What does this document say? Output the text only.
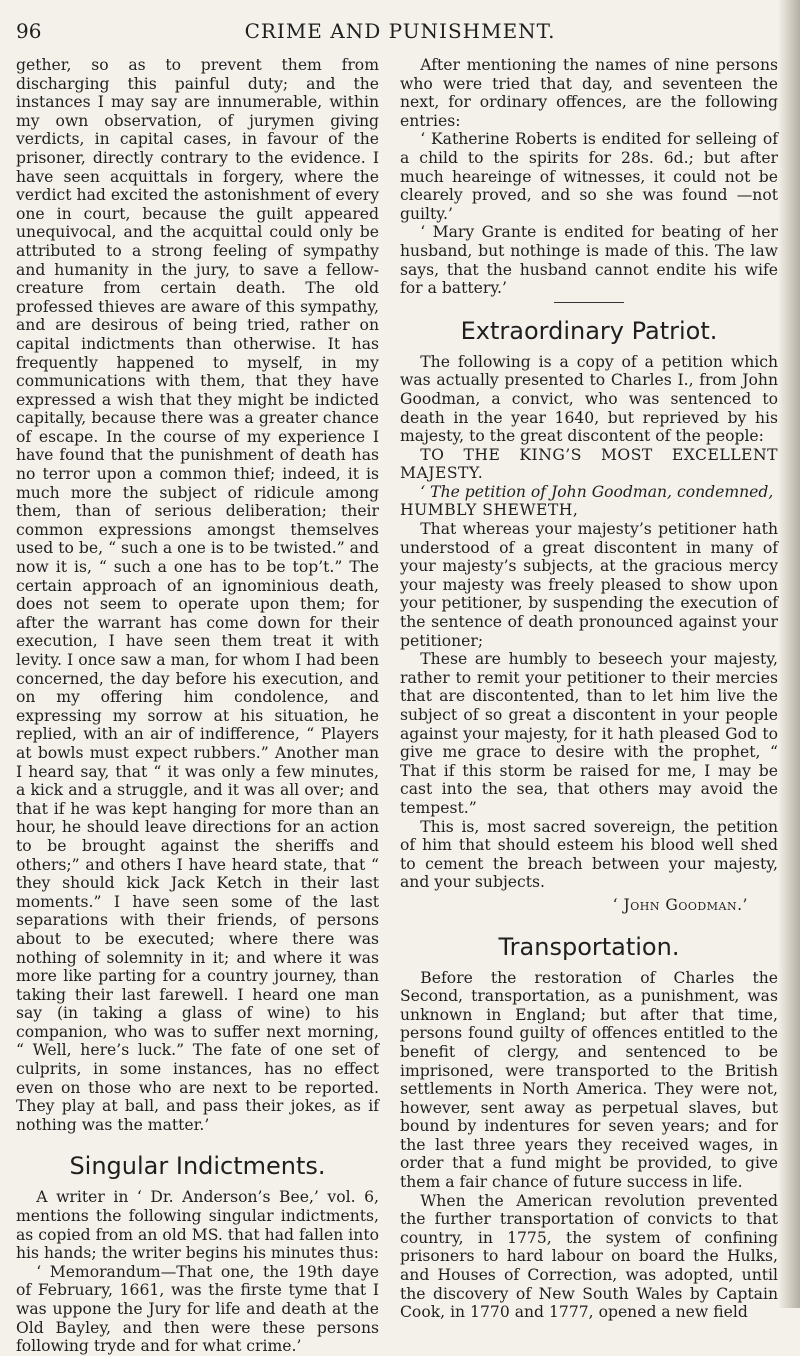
96	CRIME AND PUNISHMENT.

gether, so as to prevent them from discharging this painful duty; and the instances I may say are innumerable, within my own observation, of jurymen giving verdicts, in capital cases, in favour of the prisoner, directly contrary to the evidence. I have seen acquittals in forgery, where the verdict had excited the astonishment of every one in court, because the guilt appeared unequivocal, and the acquittal could only be attributed to a strong feeling of sympathy and humanity in the jury, to save a fellow-creature from certain death. The old professed thieves are aware of this sympathy, and are desirous of being tried, rather on capital indictments than otherwise. It has frequently happened to myself, in my communications with them, that they have expressed a wish that they might be indicted capitally, because there was a greater chance of escape. In the course of my experience I have found that the punishment of death has no terror upon a common thief; indeed, it is much more the subject of ridicule among them, than of serious deliberation; their common expressions amongst themselves used to be, “ such a one is to be twisted.” and now it is, “ such a one has to be top’t.” The certain approach of an ignominious death, does not seem to operate upon them; for after the warrant has come down for their execution, I have seen them treat it with levity. I once saw a man, for whom I had been concerned, the day before his execution, and on my offering him condolence, and expressing my sorrow at his situation, he replied, with an air of indifference, “ Players at bowls must expect rubbers.” Another man I heard say, that “ it was only a few minutes, a kick and a struggle, and it was all over; and that if he was kept hanging for more than an hour, he should leave directions for an action to be brought against the sheriffs and others;” and others I have heard state, that “ they should kick Jack Ketch in their last moments.” I have seen some of the last separations with their friends, of persons about to be executed; where there was nothing of solemnity in it; and where it was more like parting for a country journey, than taking their last farewell. I heard one man say (in taking a glass of wine) to his companion, who was to suffer next morning, “ Well, here’s luck.” The fate of one set of culprits, in some instances, has no effect even on those who are next to be reported. They play at ball, and pass their jokes, as if nothing was the matter.’

Singular Indictments.

A writer in ‘ Dr. Anderson’s Bee,’ vol. 6, mentions the following singular indictments, as copied from an old MS. that had fallen into his hands; the writer begins his minutes thus:

‘ Memorandum—That one, the 19th daye of February, 1661, was the firste tyme that I was uppone the Jury for life and death at the Old Bayley, and then were these persons following tryde and for what crime.’

After mentioning the names of nine persons who were tried that day, and seventeen the next, for ordinary offences, are the following entries:

‘ Katherine Roberts is endited for selleing of a child to the spirits for 28s. 6d.; but after much heareinge of witnesses, it could not be clearely proved, and so she was found —not guilty.’

‘ Mary Grante is endited for beating of her husband, but nothinge is made of this. The law says, that the husband cannot endite his wife for a battery.’

Extraordinary Patriot.

The following is a copy of a petition which was actually presented to Charles I., from John Goodman, a convict, who was sentenced to death in the year 1640, but reprieved by his majesty, to the great discontent of the people:

TO THE KING’S MOST EXCELLENT MAJESTY.

‘ The petition of John Goodman, condemned,

HUMBLY SHEWETH,

That whereas your majesty’s petitioner hath understood of a great discontent in many of your majesty’s subjects, at the gracious mercy your majesty was freely pleased to show upon your petitioner, by suspending the execution of the sentence of death pronounced against your petitioner;

These are humbly to beseech your majesty, rather to remit your petitioner to their mercies that are discontented, than to let him live the subject of so great a discontent in your people against your majesty, for it hath pleased God to give me grace to desire with the prophet, “ That if this storm be raised for me, I may be cast into the sea, that others may avoid the tempest.”

This is, most sacred sovereign, the petition of him that should esteem his blood well shed to cement the breach between your majesty, and your subjects.

‘ John Goodman.’
Transportation.

Before the restoration of Charles the Second, transportation, as a punishment, was unknown in England; but after that time, persons found guilty of offences entitled to the benefit of clergy, and sentenced to be imprisoned, were transported to the British settlements in North America. They were not, however, sent away as perpetual slaves, but bound by indentures for seven years; and for the last three years they received wages, in order that a fund might be provided, to give them a fair chance of future success in life.

When the American revolution prevented the further transportation of convicts to that country, in 1775, the system of confining prisoners to hard labour on board the Hulks, and Houses of Correction, was adopted, until the discovery of New South Wales by Captain Cook, in 1770 and 1777, opened a new field
